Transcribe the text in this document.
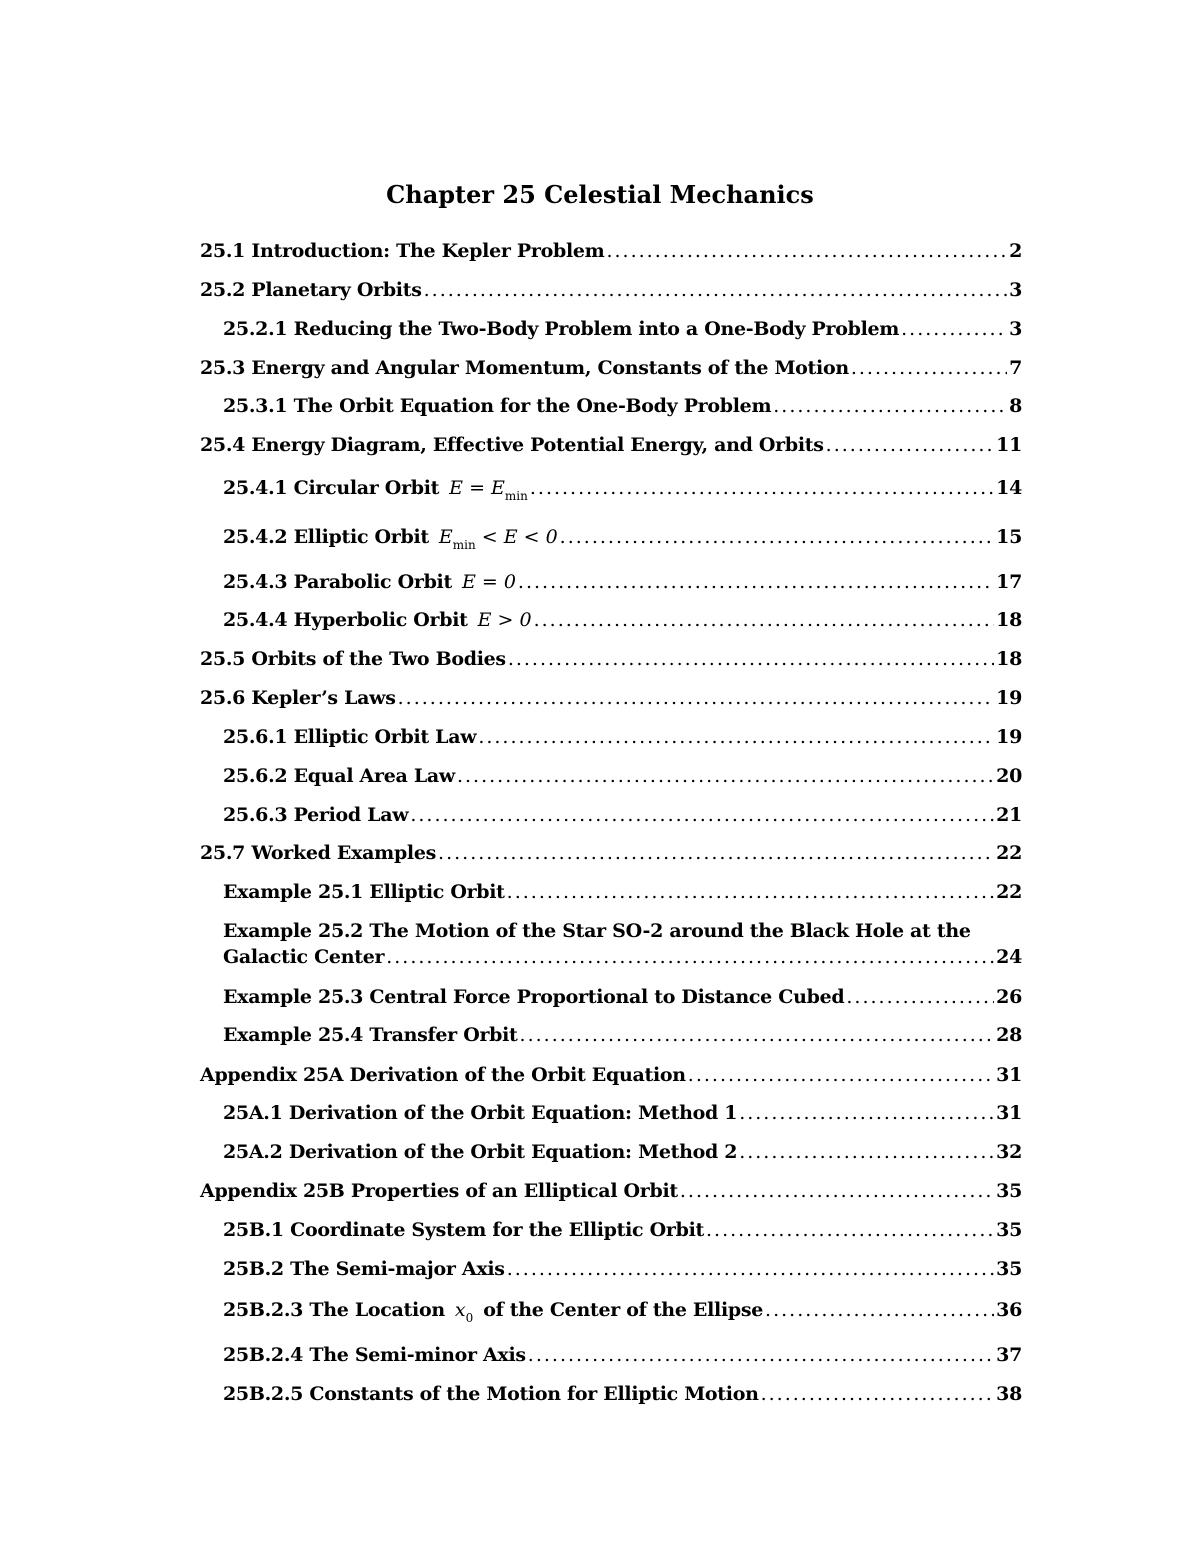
Chapter 25 Celestial Mechanics
25.1 Introduction: The Kepler Problem .....	2
25.2 Planetary Orbits .....	3
25.2.1 Reducing the Two-Body Problem into a One-Body Problem .....	3
25.3 Energy and Angular Momentum, Constants of the Motion .....	7
25.3.1 The Orbit Equation for the One-Body Problem .....	8
25.4 Energy Diagram, Effective Potential Energy, and Orbits .....	11
25.4.1 Circular Orbit $E = E_{min}$ .....	14
25.4.2 Elliptic Orbit $E_{min} < E < 0$ .....	15
25.4.3 Parabolic Orbit E = 0 .....	17
25.4.4 Hyperbolic Orbit E > 0 .....	18
25.5 Orbits of the Two Bodies .....	18
25.6 Kepler’s Laws .....	19
25.6.1 Elliptic Orbit Law .....	19
25.6.2 Equal Area Law .....	20
25.6.3 Period Law .....	21
25.7 Worked Examples .....	22
Example 25.1 Elliptic Orbit .....	22
Example 25.2 The Motion of the Star SO-2 around the Black Hole at the
Galactic Center .....	24
Example 25.3 Central Force Proportional to Distance Cubed .....	26
Example 25.4 Transfer Orbit .....	28
Appendix 25A Derivation of the Orbit Equation .....	31
25A.1 Derivation of the Orbit Equation: Method 1 .....	31
25A.2 Derivation of the Orbit Equation: Method 2 .....	32
Appendix 25B Properties of an Elliptical Orbit .....	35
25B.1 Coordinate System for the Elliptic Orbit .....	35
25B.2 The Semi-major Axis .....	35
25B.2.3 The Location $x_0$ of the Center of the Ellipse .....	36
25B.2.4 The Semi-minor Axis .....	37
25B.2.5 Constants of the Motion for Elliptic Motion .....	38
